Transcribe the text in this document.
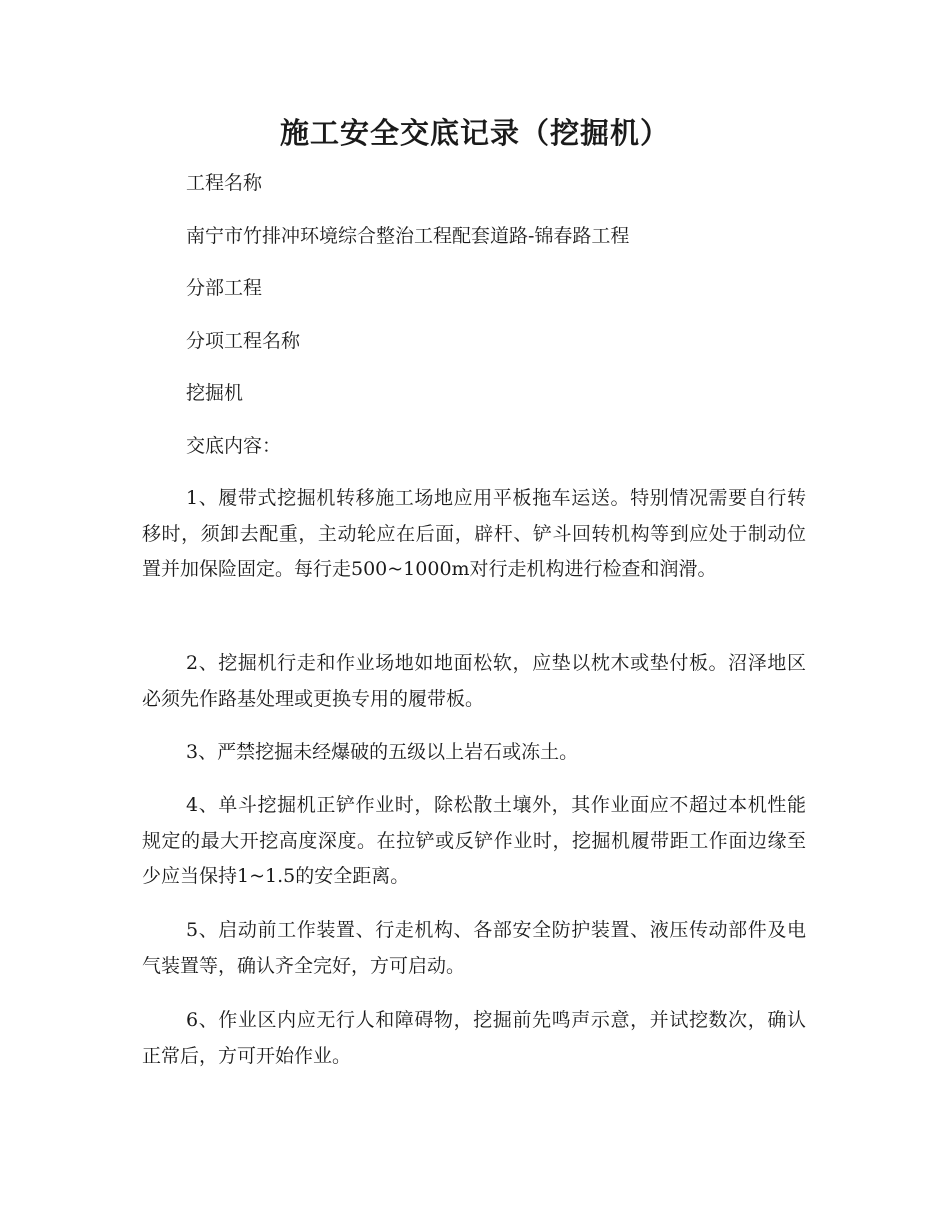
施工安全交底记录（挖掘机）
工程名称
南宁市竹排冲环境综合整治工程配套道路-锦春路工程
分部工程
分项工程名称
挖掘机
交底内容：

1、履带式挖掘机转移施工场地应用平板拖车运送。特别情况需要自行转移时，须卸去配重，主动轮应在后面，辟杆、铲斗回转机构等到应处于制动位置并加保险固定。每行走500~1000m对行走机构进行检查和润滑。

2、挖掘机行走和作业场地如地面松软，应垫以枕木或垫付板。沼泽地区必须先作路基处理或更换专用的履带板。

3、严禁挖掘未经爆破的五级以上岩石或冻土。

4、单斗挖掘机正铲作业时，除松散土壤外，其作业面应不超过本机性能规定的最大开挖高度深度。在拉铲或反铲作业时，挖掘机履带距工作面边缘至少应当保持1~1.5的安全距离。

5、启动前工作装置、行走机构、各部安全防护装置、液压传动部件及电气装置等，确认齐全完好，方可启动。

6、作业区内应无行人和障碍物，挖掘前先鸣声示意，并试挖数次，确认正常后，方可开始作业。
